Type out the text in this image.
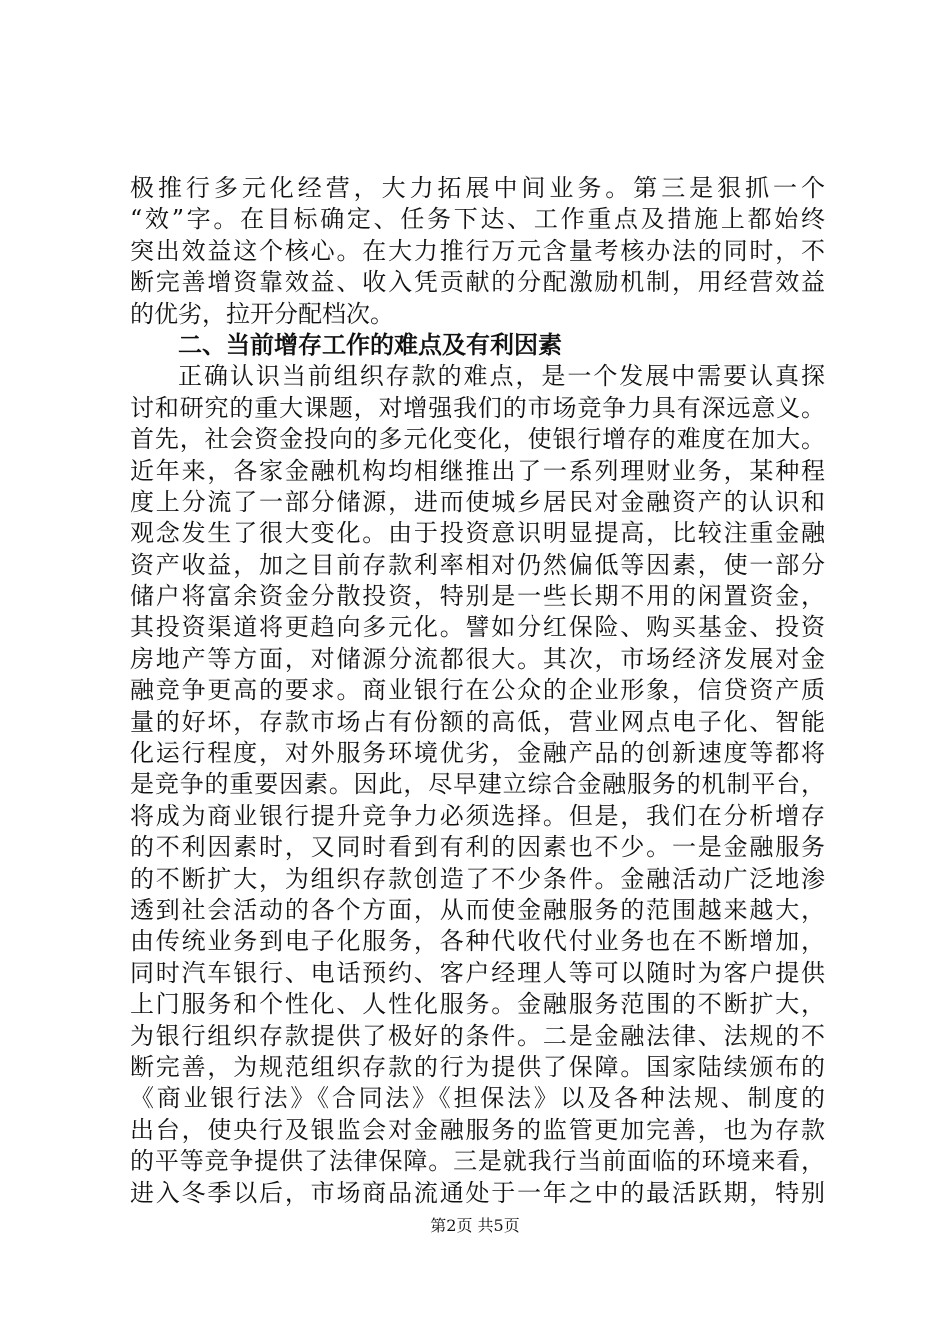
极推行多元化经营，大力拓展中间业务。第三是狠抓一个
“效”字。在目标确定、任务下达、工作重点及措施上都始终
突出效益这个核心。在大力推行万元含量考核办法的同时，不
断完善增资靠效益、收入凭贡献的分配激励机制，用经营效益
的优劣，拉开分配档次。
二、当前增存工作的难点及有利因素
正确认识当前组织存款的难点，是一个发展中需要认真探
讨和研究的重大课题，对增强我们的市场竞争力具有深远意义。
首先，社会资金投向的多元化变化，使银行增存的难度在加大。
近年来，各家金融机构均相继推出了一系列理财业务，某种程
度上分流了一部分储源，进而使城乡居民对金融资产的认识和
观念发生了很大变化。由于投资意识明显提高，比较注重金融
资产收益，加之目前存款利率相对仍然偏低等因素，使一部分
储户将富余资金分散投资，特别是一些长期不用的闲置资金，
其投资渠道将更趋向多元化。譬如分红保险、购买基金、投资
房地产等方面，对储源分流都很大。其次，市场经济发展对金
融竞争更高的要求。商业银行在公众的企业形象，信贷资产质
量的好坏，存款市场占有份额的高低，营业网点电子化、智能
化运行程度，对外服务环境优劣，金融产品的创新速度等都将
是竞争的重要因素。因此，尽早建立综合金融服务的机制平台，
将成为商业银行提升竞争力必须选择。但是，我们在分析增存
的不利因素时，又同时看到有利的因素也不少。一是金融服务
的不断扩大，为组织存款创造了不少条件。金融活动广泛地渗
透到社会活动的各个方面，从而使金融服务的范围越来越大，
由传统业务到电子化服务，各种代收代付业务也在不断增加，
同时汽车银行、电话预约、客户经理人等可以随时为客户提供
上门服务和个性化、人性化服务。金融服务范围的不断扩大，
为银行组织存款提供了极好的条件。二是金融法律、法规的不
断完善，为规范组织存款的行为提供了保障。国家陆续颁布的
《商业银行法》《合同法》《担保法》以及各种法规、制度的
出台，使央行及银监会对金融服务的监管更加完善，也为存款
的平等竞争提供了法律保障。三是就我行当前面临的环境来看，
进入冬季以后，市场商品流通处于一年之中的最活跃期，特别
第2页 共5页
